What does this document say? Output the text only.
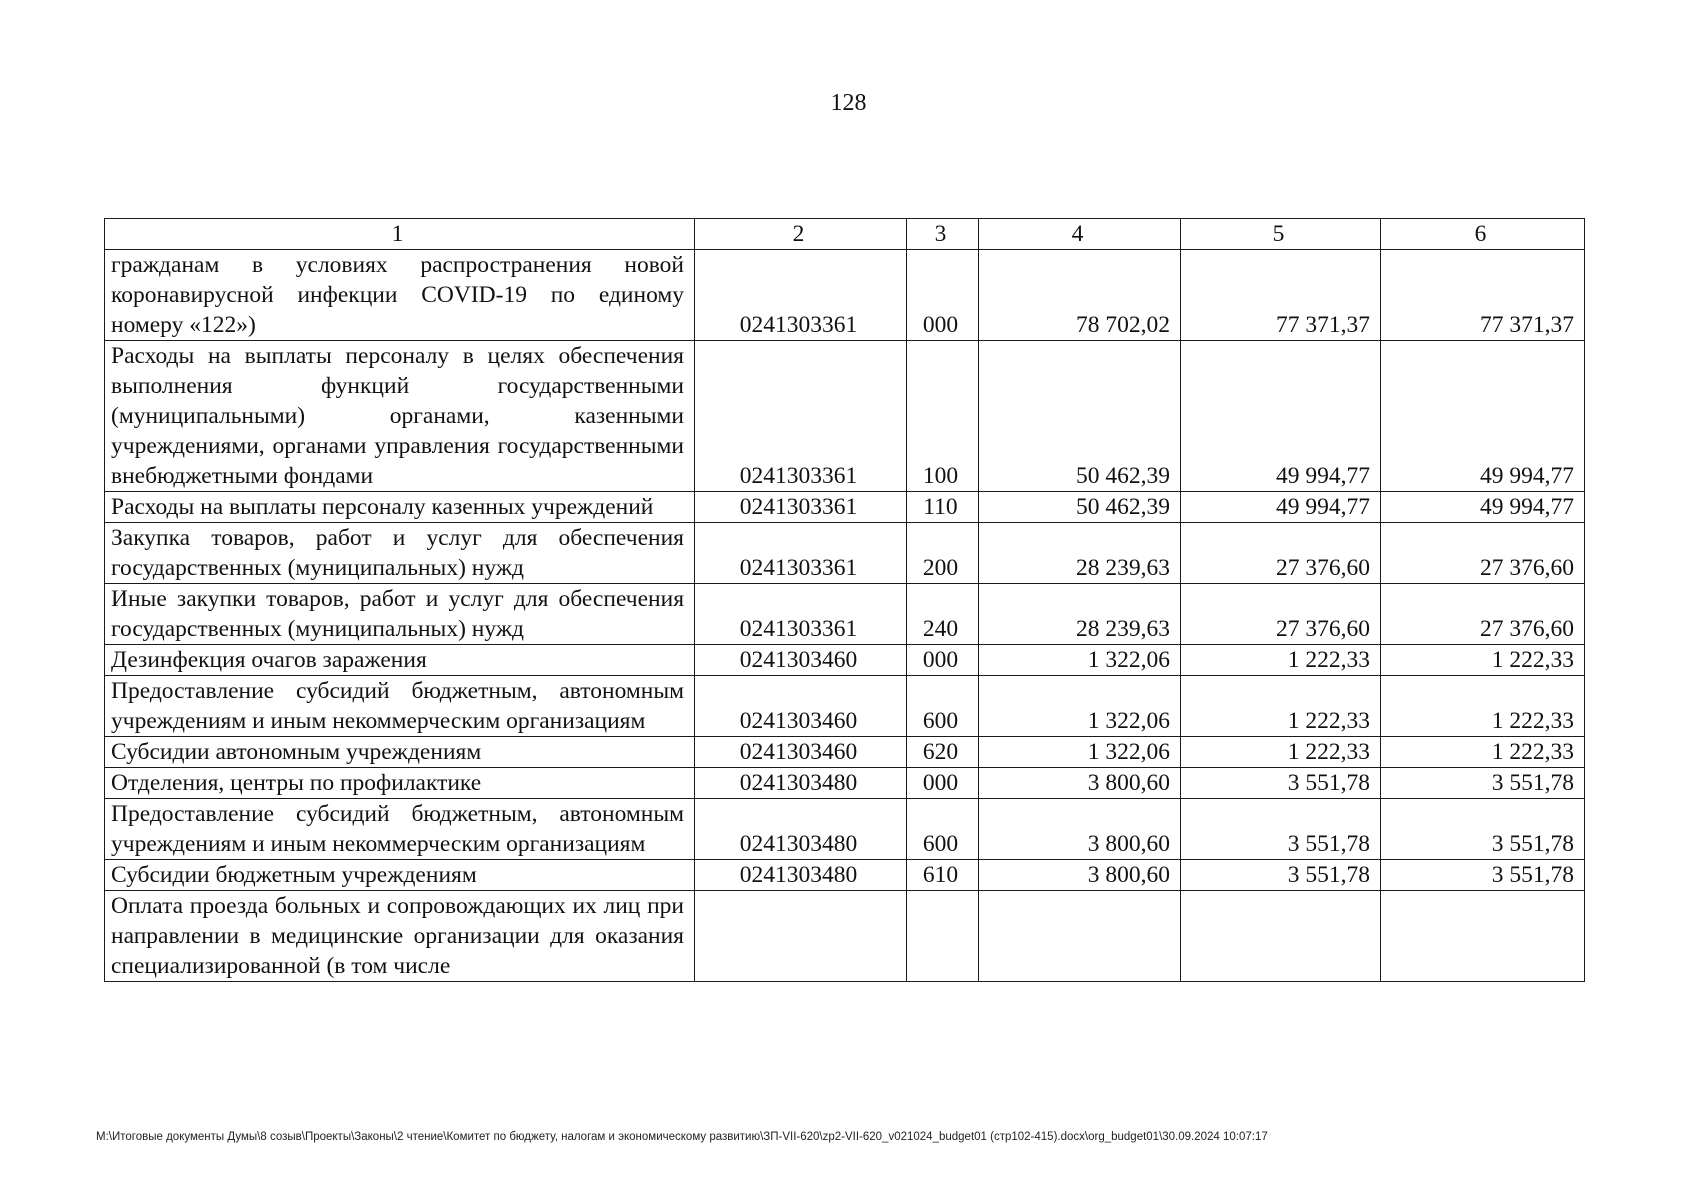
128
1	2	3	4	5	6
гражданам в условиях распространения новой коронавирусной инфекции COVID-19 по единому номеру «122»)	0241303361	000	78 702,02	77 371,37	77 371,37
Расходы на выплаты персоналу в целях обеспечения выполнения функций государственными (муниципальными) органами, казенными учреждениями, органами управления государственными внебюджетными фондами	0241303361	100	50 462,39	49 994,77	49 994,77
Расходы на выплаты персоналу казенных учреждений	0241303361	110	50 462,39	49 994,77	49 994,77
Закупка товаров, работ и услуг для обеспечения государственных (муниципальных) нужд	0241303361	200	28 239,63	27 376,60	27 376,60
Иные закупки товаров, работ и услуг для обеспечения государственных (муниципальных) нужд	0241303361	240	28 239,63	27 376,60	27 376,60
Дезинфекция очагов заражения	0241303460	000	1 322,06	1 222,33	1 222,33
Предоставление субсидий бюджетным, автономным учреждениям и иным некоммерческим организациям	0241303460	600	1 322,06	1 222,33	1 222,33
Субсидии автономным учреждениям	0241303460	620	1 322,06	1 222,33	1 222,33
Отделения, центры по профилактике	0241303480	000	3 800,60	3 551,78	3 551,78
Предоставление субсидий бюджетным, автономным учреждениям и иным некоммерческим организациям	0241303480	600	3 800,60	3 551,78	3 551,78
Субсидии бюджетным учреждениям	0241303480	610	3 800,60	3 551,78	3 551,78
Оплата проезда больных и сопровождающих их лиц при направлении в медицинские организации для оказания специализированной (в том числе					
M:\Итоговые документы Думы\8 созыв\Проекты\Законы\2 чтение\Комитет по бюджету, налогам и экономическому развитию\ЗП-VII-620\zp2-VII-620_v021024_budget01 (стр102-415).docx\org_budget01\30.09.2024 10:07:17
